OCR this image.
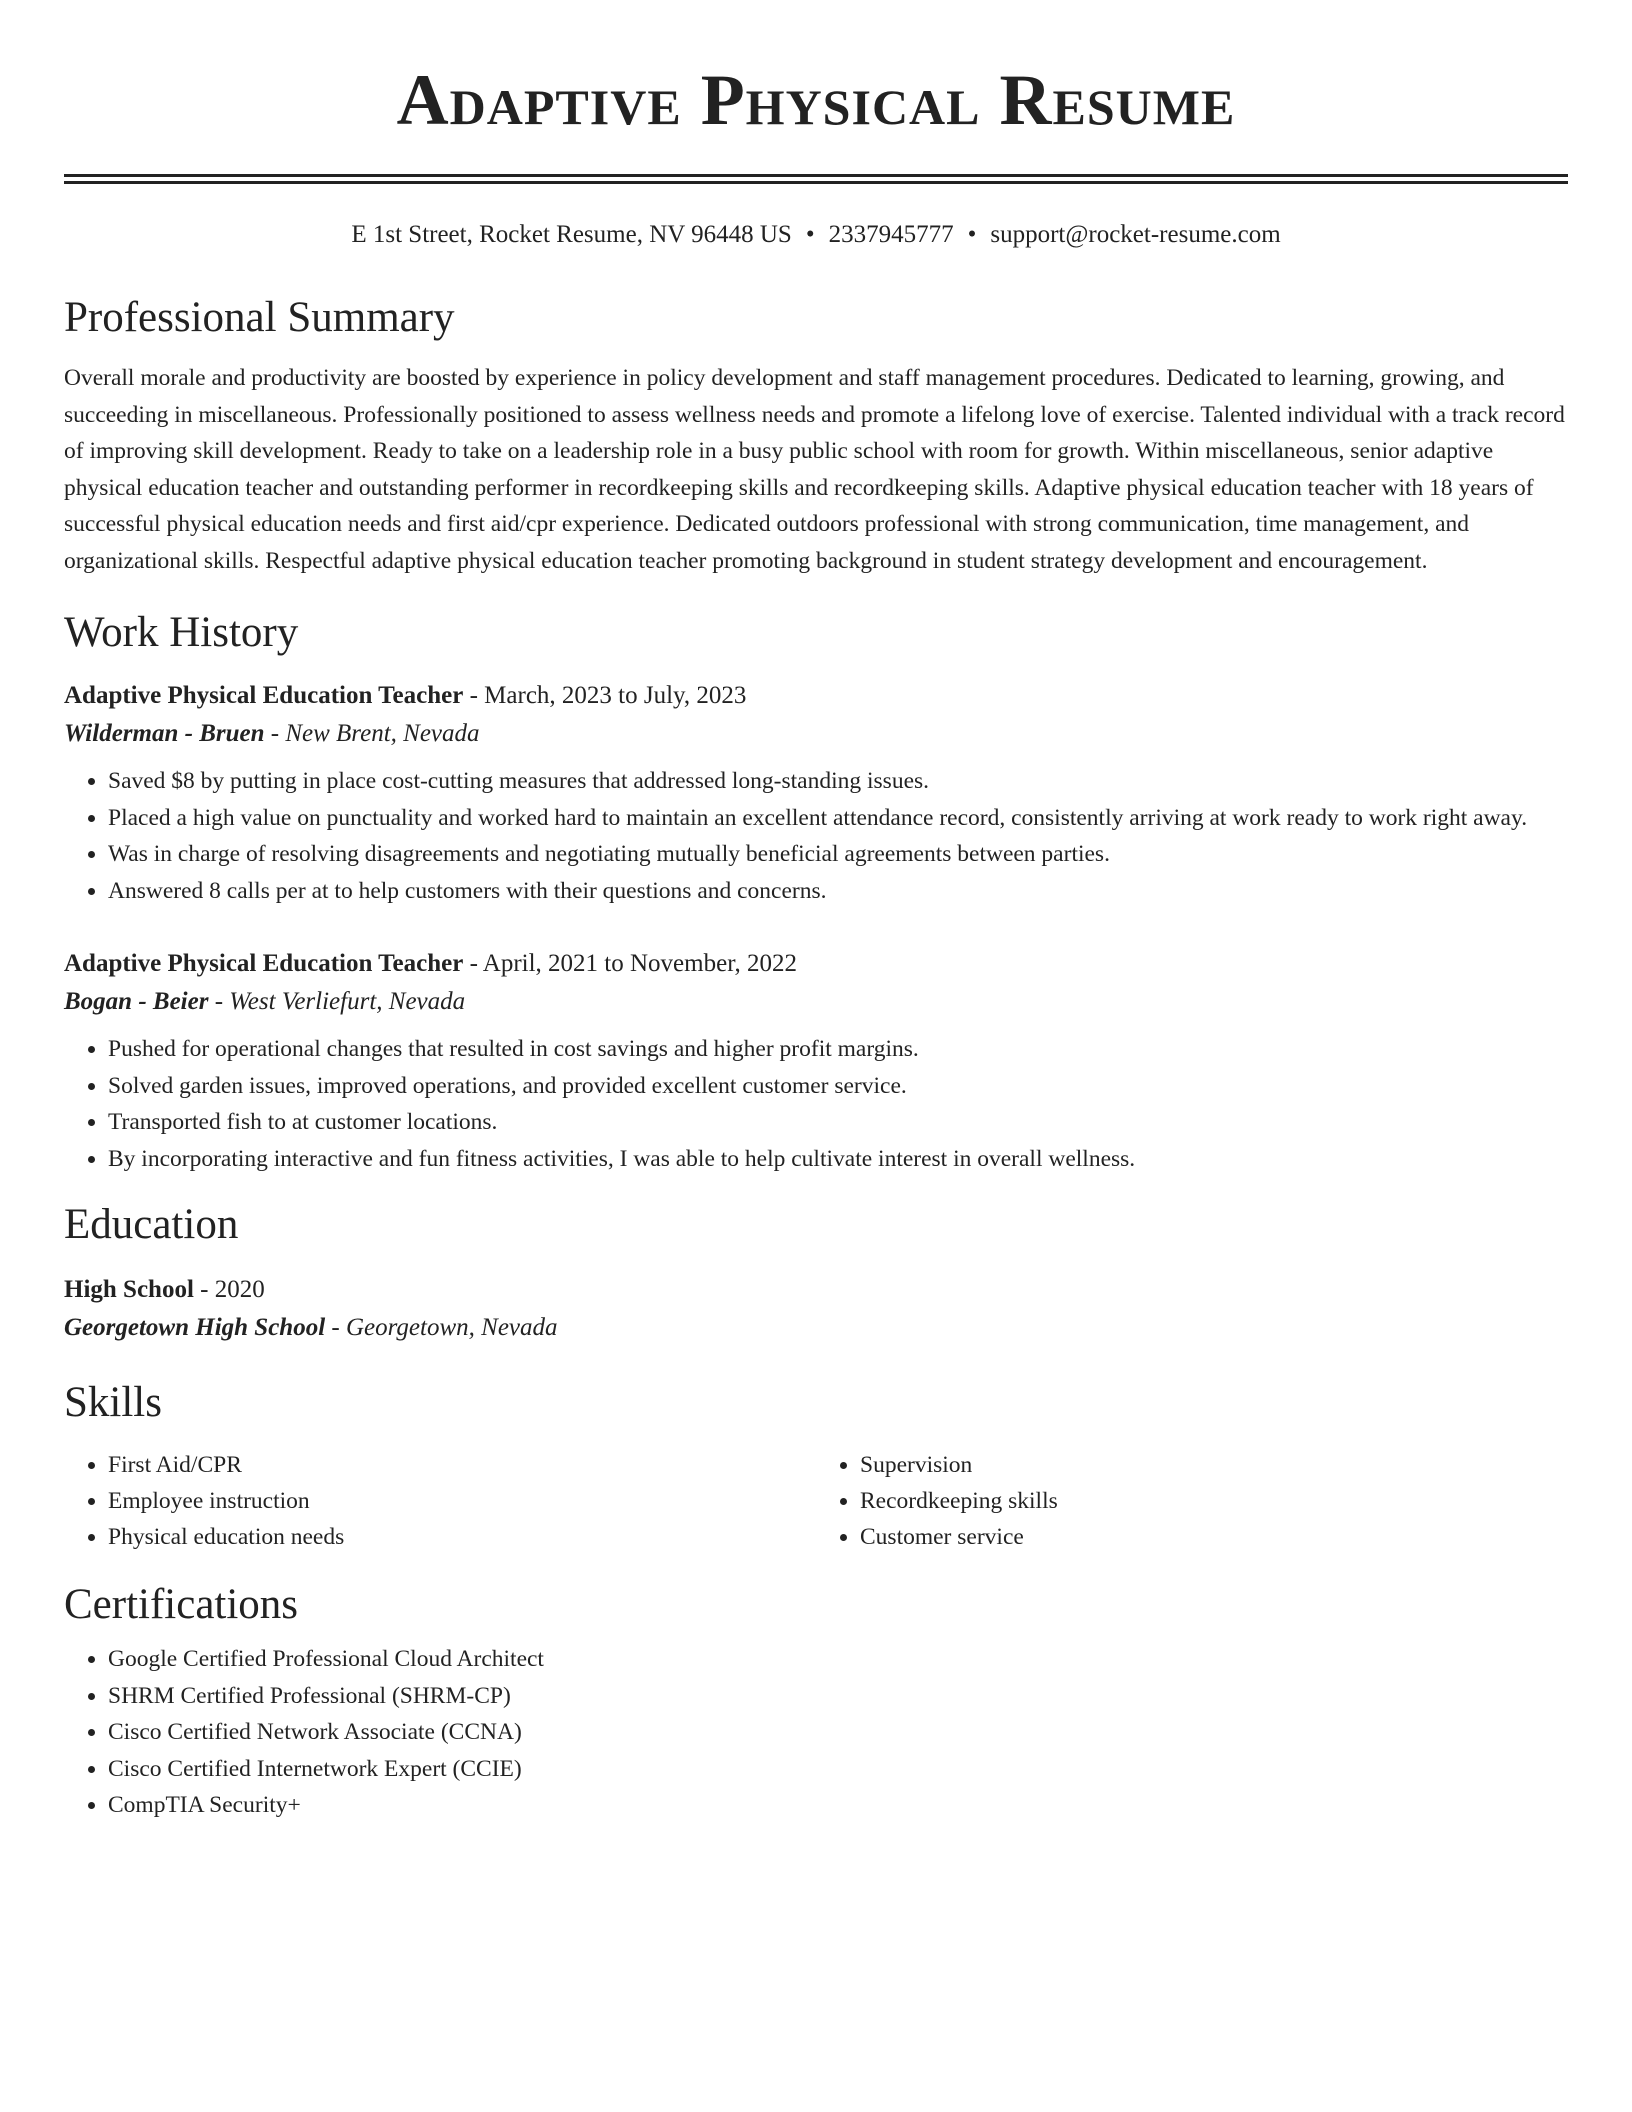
Adaptive Physical Resume
E 1st Street, Rocket Resume, NV 96448 US • 2337945777 • support@rocket-resume.com
Professional Summary

Overall morale and productivity are boosted by experience in policy development and staff management procedures. Dedicated to learning, growing, and succeeding in miscellaneous. Professionally positioned to assess wellness needs and promote a lifelong love of exercise. Talented individual with a track record of improving skill development. Ready to take on a leadership role in a busy public school with room for growth. Within miscellaneous, senior adaptive physical education teacher and outstanding performer in recordkeeping skills and recordkeeping skills. Adaptive physical education teacher with 18 years of successful physical education needs and first aid/cpr experience. Dedicated outdoors professional with strong communication, time management, and organizational skills. Respectful adaptive physical education teacher promoting background in student strategy development and encouragement.

Work History
Adaptive Physical Education Teacher - March, 2023 to July, 2023
Wilderman - Bruen - New Brent, Nevada
• Saved $8 by putting in place cost-cutting measures that addressed long-standing issues.
• Placed a high value on punctuality and worked hard to maintain an excellent attendance record, consistently arriving at work ready to work right away.
• Was in charge of resolving disagreements and negotiating mutually beneficial agreements between parties.
• Answered 8 calls per at to help customers with their questions and concerns.
Adaptive Physical Education Teacher - April, 2021 to November, 2022
Bogan - Beier - West Verliefurt, Nevada
• Pushed for operational changes that resulted in cost savings and higher profit margins.
• Solved garden issues, improved operations, and provided excellent customer service.
• Transported fish to at customer locations.
• By incorporating interactive and fun fitness activities, I was able to help cultivate interest in overall wellness.
Education
High School - 2020
Georgetown High School - Georgetown, Nevada
Skills
• First Aid/CPR
• Employee instruction
• Physical education needs
• Supervision
• Recordkeeping skills
• Customer service
Certifications
• Google Certified Professional Cloud Architect
• SHRM Certified Professional (SHRM-CP)
• Cisco Certified Network Associate (CCNA)
• Cisco Certified Internetwork Expert (CCIE)
• CompTIA Security+
